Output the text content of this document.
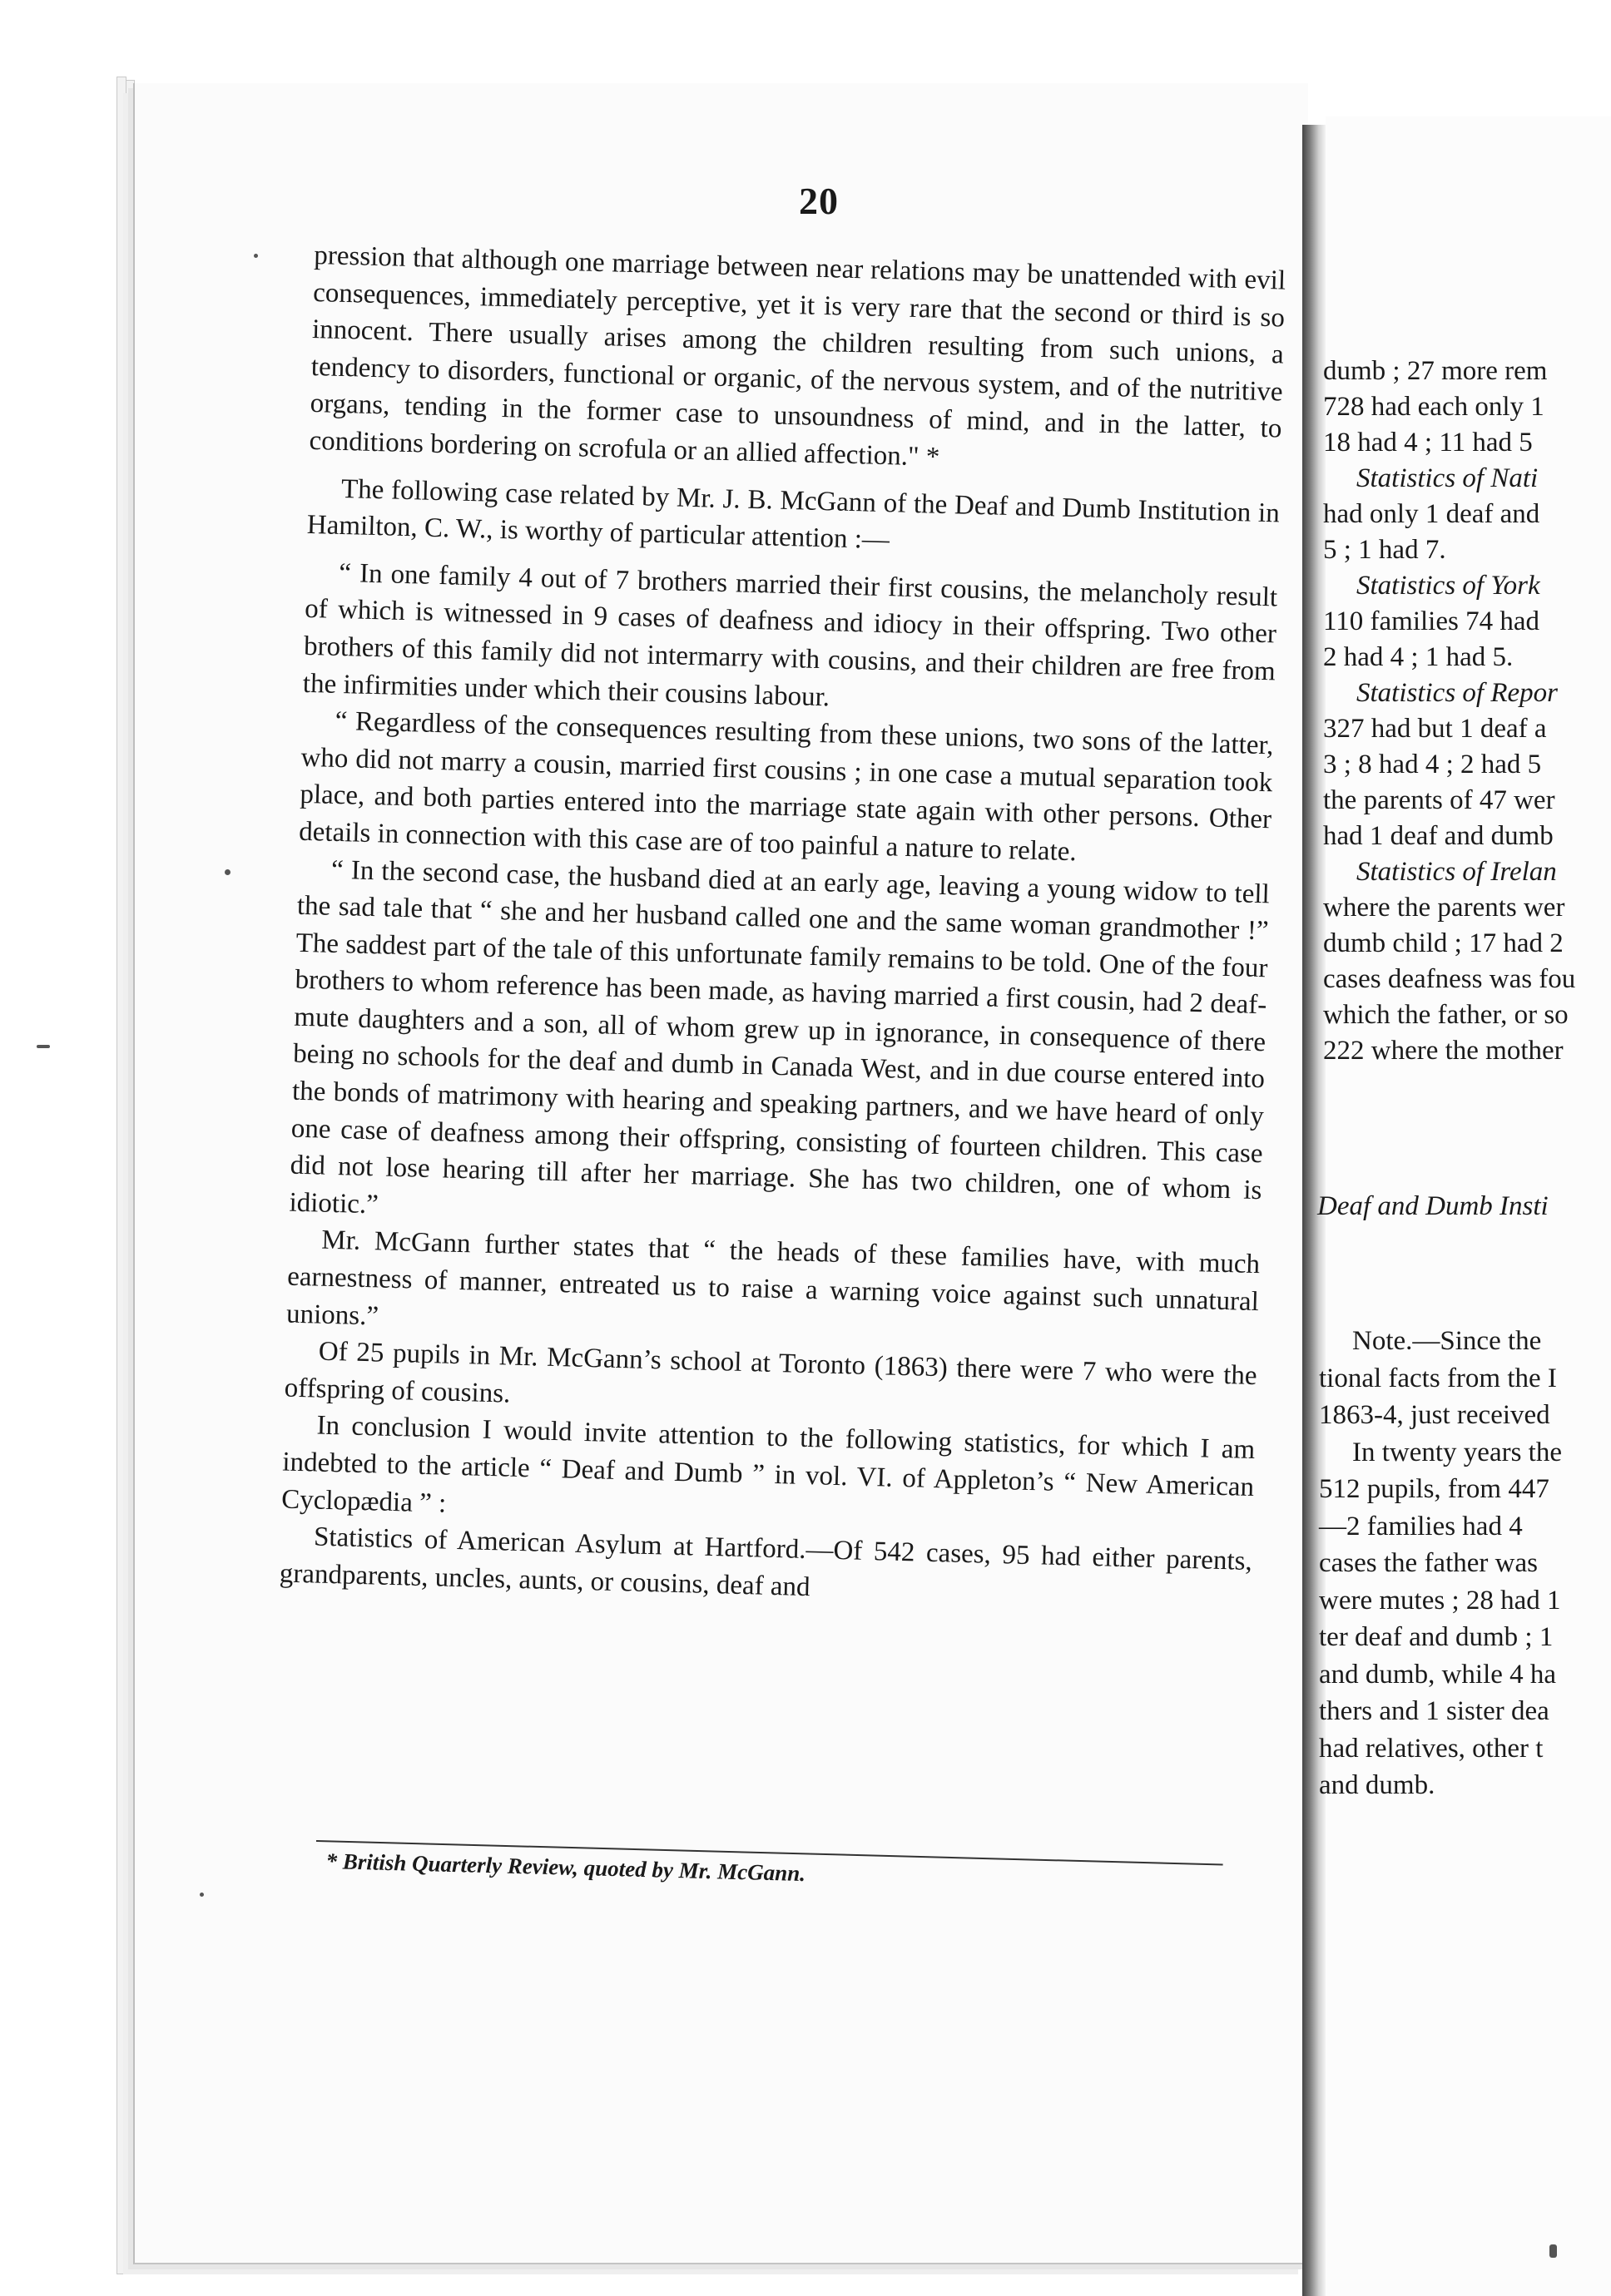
20

pression that although one marriage between near relations may be unattended with evil consequences, immediately perceptive, yet it is very rare that the second or third is so innocent. There usually arises among the children resulting from such unions, a tendency to disorders, functional or organic, of the nervous system, and of the nutritive organs, tending in the former case to unsoundness of mind, and in the latter, to conditions bordering on scrofula or an allied affection." *

The following case related by Mr. J. B. McGann of the Deaf and Dumb Institution in Hamilton, C. W., is worthy of particular attention :—

“ In one family 4 out of 7 brothers married their first cousins, the melancholy result of which is witnessed in 9 cases of deafness and idiocy in their offspring. Two other brothers of this family did not intermarry with cousins, and their children are free from the infirmities under which their cousins labour.

“ Regardless of the consequences resulting from these unions, two sons of the latter, who did not marry a cousin, married first cousins ; in one case a mutual separation took place, and both parties entered into the marriage state again with other persons. Other details in connection with this case are of too painful a nature to relate.

“ In the second case, the husband died at an early age, leaving a young widow to tell the sad tale that “ she and her husband called one and the same woman grandmother !” The saddest part of the tale of this unfortunate family remains to be told. One of the four brothers to whom reference has been made, as having married a first cousin, had 2 deaf-mute daughters and a son, all of whom grew up in ignorance, in consequence of there being no schools for the deaf and dumb in Canada West, and in due course entered into the bonds of matrimony with hearing and speaking partners, and we have heard of only one case of deafness among their offspring, consisting of fourteen children. This case did not lose hearing till after her marriage. She has two children, one of whom is idiotic.”

Mr. McGann further states that “ the heads of these families have, with much earnestness of manner, entreated us to raise a warning voice against such unnatural unions.”

Of 25 pupils in Mr. McGann’s school at Toronto (1863) there were 7 who were the offspring of cousins.

In conclusion I would invite attention to the following statistics, for which I am indebted to the article “ Deaf and Dumb ” in vol. VI. of Appleton’s “ New American Cyclopædia ” :

Statistics of American Asylum at Hartford.—Of 542 cases, 95 had either parents, grandparents, uncles, aunts, or cousins, deaf and

* British Quarterly Review, quoted by Mr. McGann.

dumb ; 27 more rem

728 had each only 1

18 had 4 ; 11 had 5

Statistics of Nati

had only 1 deaf and

5 ; 1 had 7.

Statistics of York

110 families 74 had

2 had 4 ; 1 had 5.

Statistics of Repor

327 had but 1 deaf a

3 ; 8 had 4 ; 2 had 5

the parents of 47 wer

had 1 deaf and dumb

Statistics of Irelan

where the parents wer

dumb child ; 17 had 2

cases deafness was fou

which the father, or so

222 where the mother

Deaf and Dumb Insti

Note.—Since the

tional facts from the I

1863-4, just received

In twenty years the

512 pupils, from 447

—2 families had 4

cases the father was

were mutes ; 28 had 1

ter deaf and dumb ; 1

and dumb, while 4 ha

thers and 1 sister dea

had relatives, other t

and dumb.
